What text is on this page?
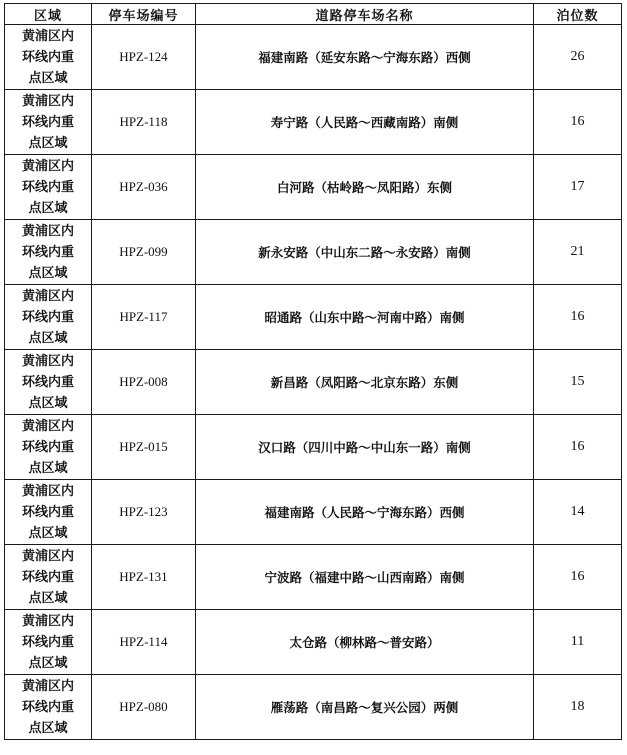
区域	停车场编号	道路停车场名称	泊位数

黄浦区内
环线内重
点区域	HPZ-124	福建南路（延安东路～宁海东路）西侧	26

黄浦区内
环线内重
点区域	HPZ-118	寿宁路（人民路～西藏南路）南侧	16

黄浦区内
环线内重
点区域	HPZ-036	白河路（枯岭路～凤阳路）东侧	17

黄浦区内
环线内重
点区域	HPZ-099	新永安路（中山东二路～永安路）南侧	21

黄浦区内
环线内重
点区域	HPZ-117	昭通路（山东中路～河南中路）南侧	16

黄浦区内
环线内重
点区域	HPZ-008	新昌路（凤阳路～北京东路）东侧	15

黄浦区内
环线内重
点区域	HPZ-015	汉口路（四川中路～中山东一路）南侧	16

黄浦区内
环线内重
点区域	HPZ-123	福建南路（人民路～宁海东路）西侧	14

黄浦区内
环线内重
点区域	HPZ-131	宁波路（福建中路～山西南路）南侧	16

黄浦区内
环线内重
点区域	HPZ-114	太仓路（柳林路～普安路）	11

黄浦区内
环线内重
点区域	HPZ-080	雁荡路（南昌路～复兴公园）两侧	18
